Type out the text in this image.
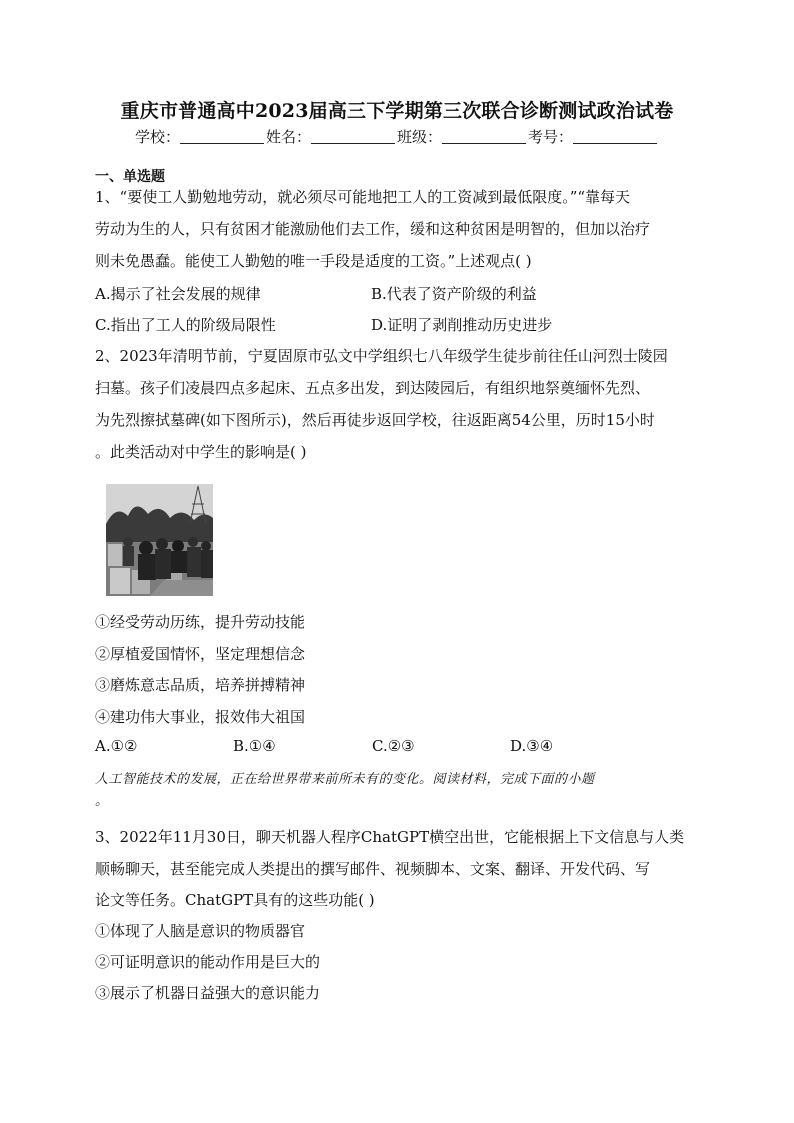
重庆市普通高中2023届高三下学期第三次联合诊断测试政治试卷
学校：	姓名：	班级：	考号：
一、单选题
1、“要使工人勤勉地劳动，就必须尽可能地把工人的工资减到最低限度。”“靠每天
劳动为生的人，只有贫困才能激励他们去工作，缓和这种贫困是明智的，但加以治疗
则未免愚蠢。能使工人勤勉的唯一手段是适度的工资。”上述观点( )
A.揭示了社会发展的规律	B.代表了资产阶级的利益
C.指出了工人的阶级局限性	D.证明了剥削推动历史进步
2、2023年清明节前，宁夏固原市弘文中学组织七八年级学生徒步前往任山河烈士陵园
扫墓。孩子们凌晨四点多起床、五点多出发，到达陵园后，有组织地祭奠缅怀先烈、
为先烈擦拭墓碑(如下图所示)，然后再徒步返回学校，往返距离54公里，历时15小时
。此类活动对中学生的影响是( )
①经受劳动历练，提升劳动技能
②厚植爱国情怀，坚定理想信念
③磨炼意志品质，培养拼搏精神
④建功伟大事业，报效伟大祖国
A.①②	B.①④	C.②③	D.③④
人工智能技术的发展，正在给世界带来前所未有的变化。阅读材料，完成下面的小题
。
3、2022年11月30日，聊天机器人程序ChatGPT横空出世，它能根据上下文信息与人类
顺畅聊天，甚至能完成人类提出的撰写邮件、视频脚本、文案、翻译、开发代码、写
论文等任务。ChatGPT具有的这些功能( )
①体现了人脑是意识的物质器官
②可证明意识的能动作用是巨大的
③展示了机器日益强大的意识能力
